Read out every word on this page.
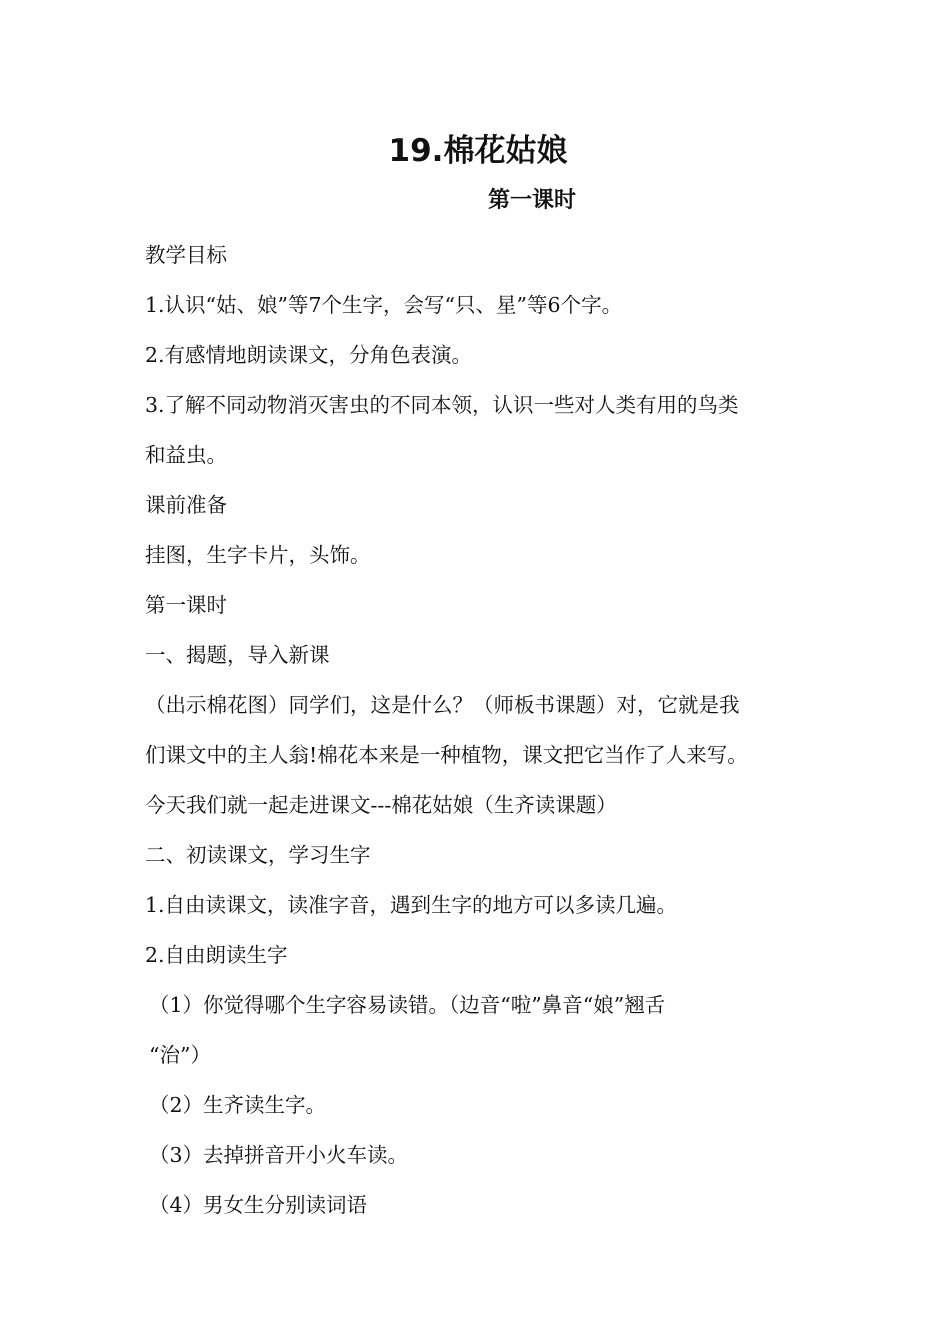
19.棉花姑娘
第一课时
教学目标
1.认识“姑、娘”等7个生字，会写“只、星”等6个字。
2.有感情地朗读课文，分角色表演。
3.了解不同动物消灭害虫的不同本领，认识一些对人类有用的鸟类
和益虫。
课前准备
挂图，生字卡片，头饰。
第一课时
一、揭题，导入新课
（出示棉花图）同学们，这是什么？（师板书课题）对，它就是我
们课文中的主人翁!棉花本来是一种植物，课文把它当作了人来写。
今天我们就一起走进课文---棉花姑娘（生齐读课题）
二、初读课文，学习生字
1.自由读课文，读准字音，遇到生字的地方可以多读几遍。
2.自由朗读生字
（1）你觉得哪个生字容易读错。（边音“啦”鼻音“娘”翘舌
“治”）
（2）生齐读生字。
（3）去掉拼音开小火车读。
（4）男女生分别读词语
